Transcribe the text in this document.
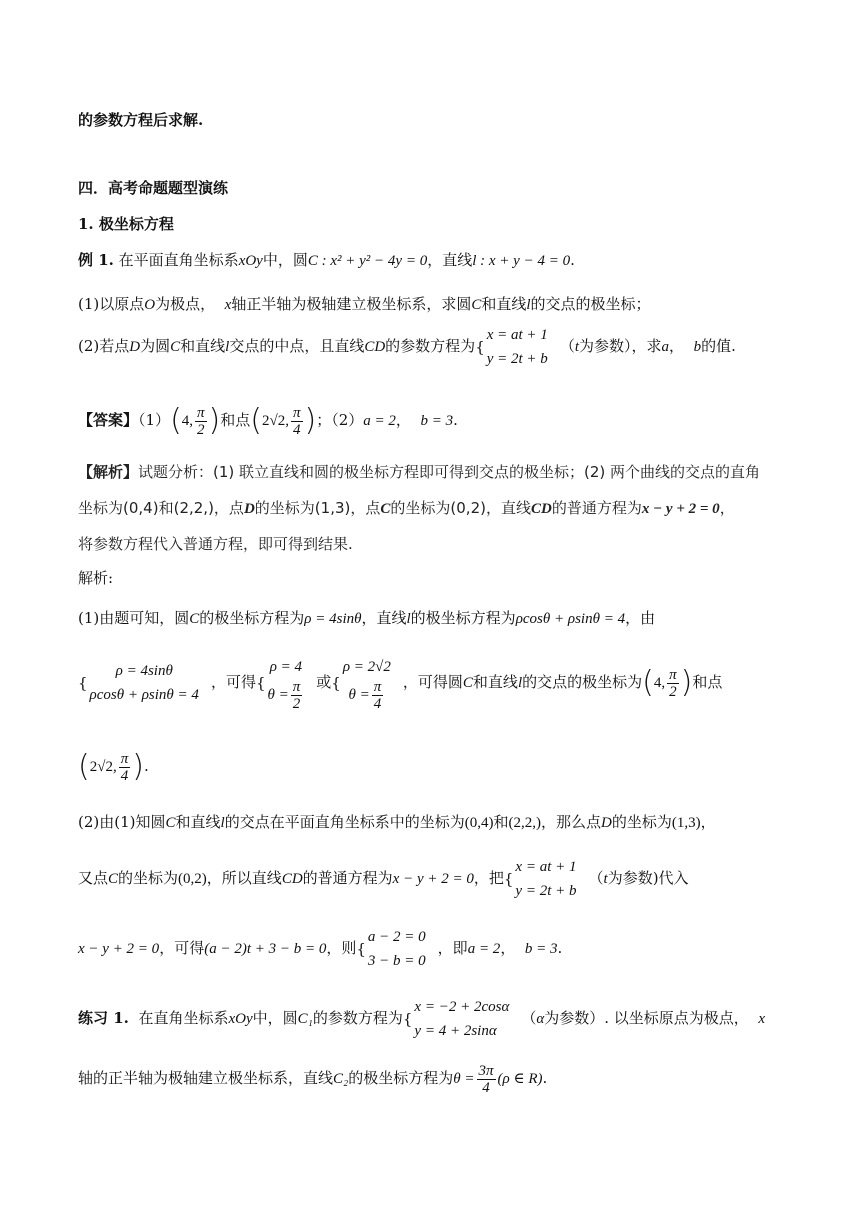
的参数方程后求解.
四．高考命题题型演练
1. 极坐标方程
例 1. 在平面直角坐标系xOy中，圆C : x² + y² − 4y = 0，直线l : x + y − 4 = 0.
(1)以原点O为极点， x轴正半轴为极轴建立极坐标系，求圆C和直线l的交点的极坐标；
(2)若点D为圆C和直线l交点的中点，且直线CD的参数方程为{
x = at + 1
y = 2t + b
（t为参数），求a， b的值.
【答案】（1）(4, $\frac{\pi}{2}$ )和点(2√2, $\frac{\pi}{4}$ )；（2）a = 2， b = 3.
【解析】试题分析：(1) 联立直线和圆的极坐标方程即可得到交点的极坐标；(2) 两个曲线的交点的直角
坐标为(0,4)和(2,2,)，点D的坐标为(1,3)，点C的坐标为(0,2)，直线CD的普通方程为x − y + 2 = 0，
将参数方程代入普通方程，即可得到结果.
解析:
(1)由题可知，圆C的极坐标方程为ρ = 4sinθ，直线l的极坐标方程为ρcosθ + ρsinθ = 4，由
{
ρ = 4sinθ
ρcosθ + ρsinθ = 4
，可得{
ρ = 4
$\theta = \frac{\pi}{2}$ 或{
ρ = 2√2
$\theta = \frac{\pi}{4}$ ，可得圆C和直线l的交点的极坐标为(4, $\frac{\pi}{2}$ )和点
(2√2, $\frac{\pi}{4}$ ).
(2)由(1)知圆C和直线l的交点在平面直角坐标系中的坐标为(0,4)和(2,2,)，那么点D的坐标为(1,3)，
又点C的坐标为(0,2)，所以直线CD的普通方程为x − y + 2 = 0，把{
x = at + 1
y = 2t + b
（t为参数)代入
x − y + 2 = 0，可得(a − 2)t + 3 − b = 0，则{
a − 2 = 0
3 − b = 0
，即a = 2， b = 3.
练习 1. 在直角坐标系xOy中，圆C₁的参数方程为{
x = −2 + 2cosα
y = 4 + 2sinα
（α为参数）. 以坐标原点为极点， x
轴的正半轴为极轴建立极坐标系，直线C₂的极坐标方程为$\theta = \frac{3\pi}{4} (\rho$ ∈ R).
